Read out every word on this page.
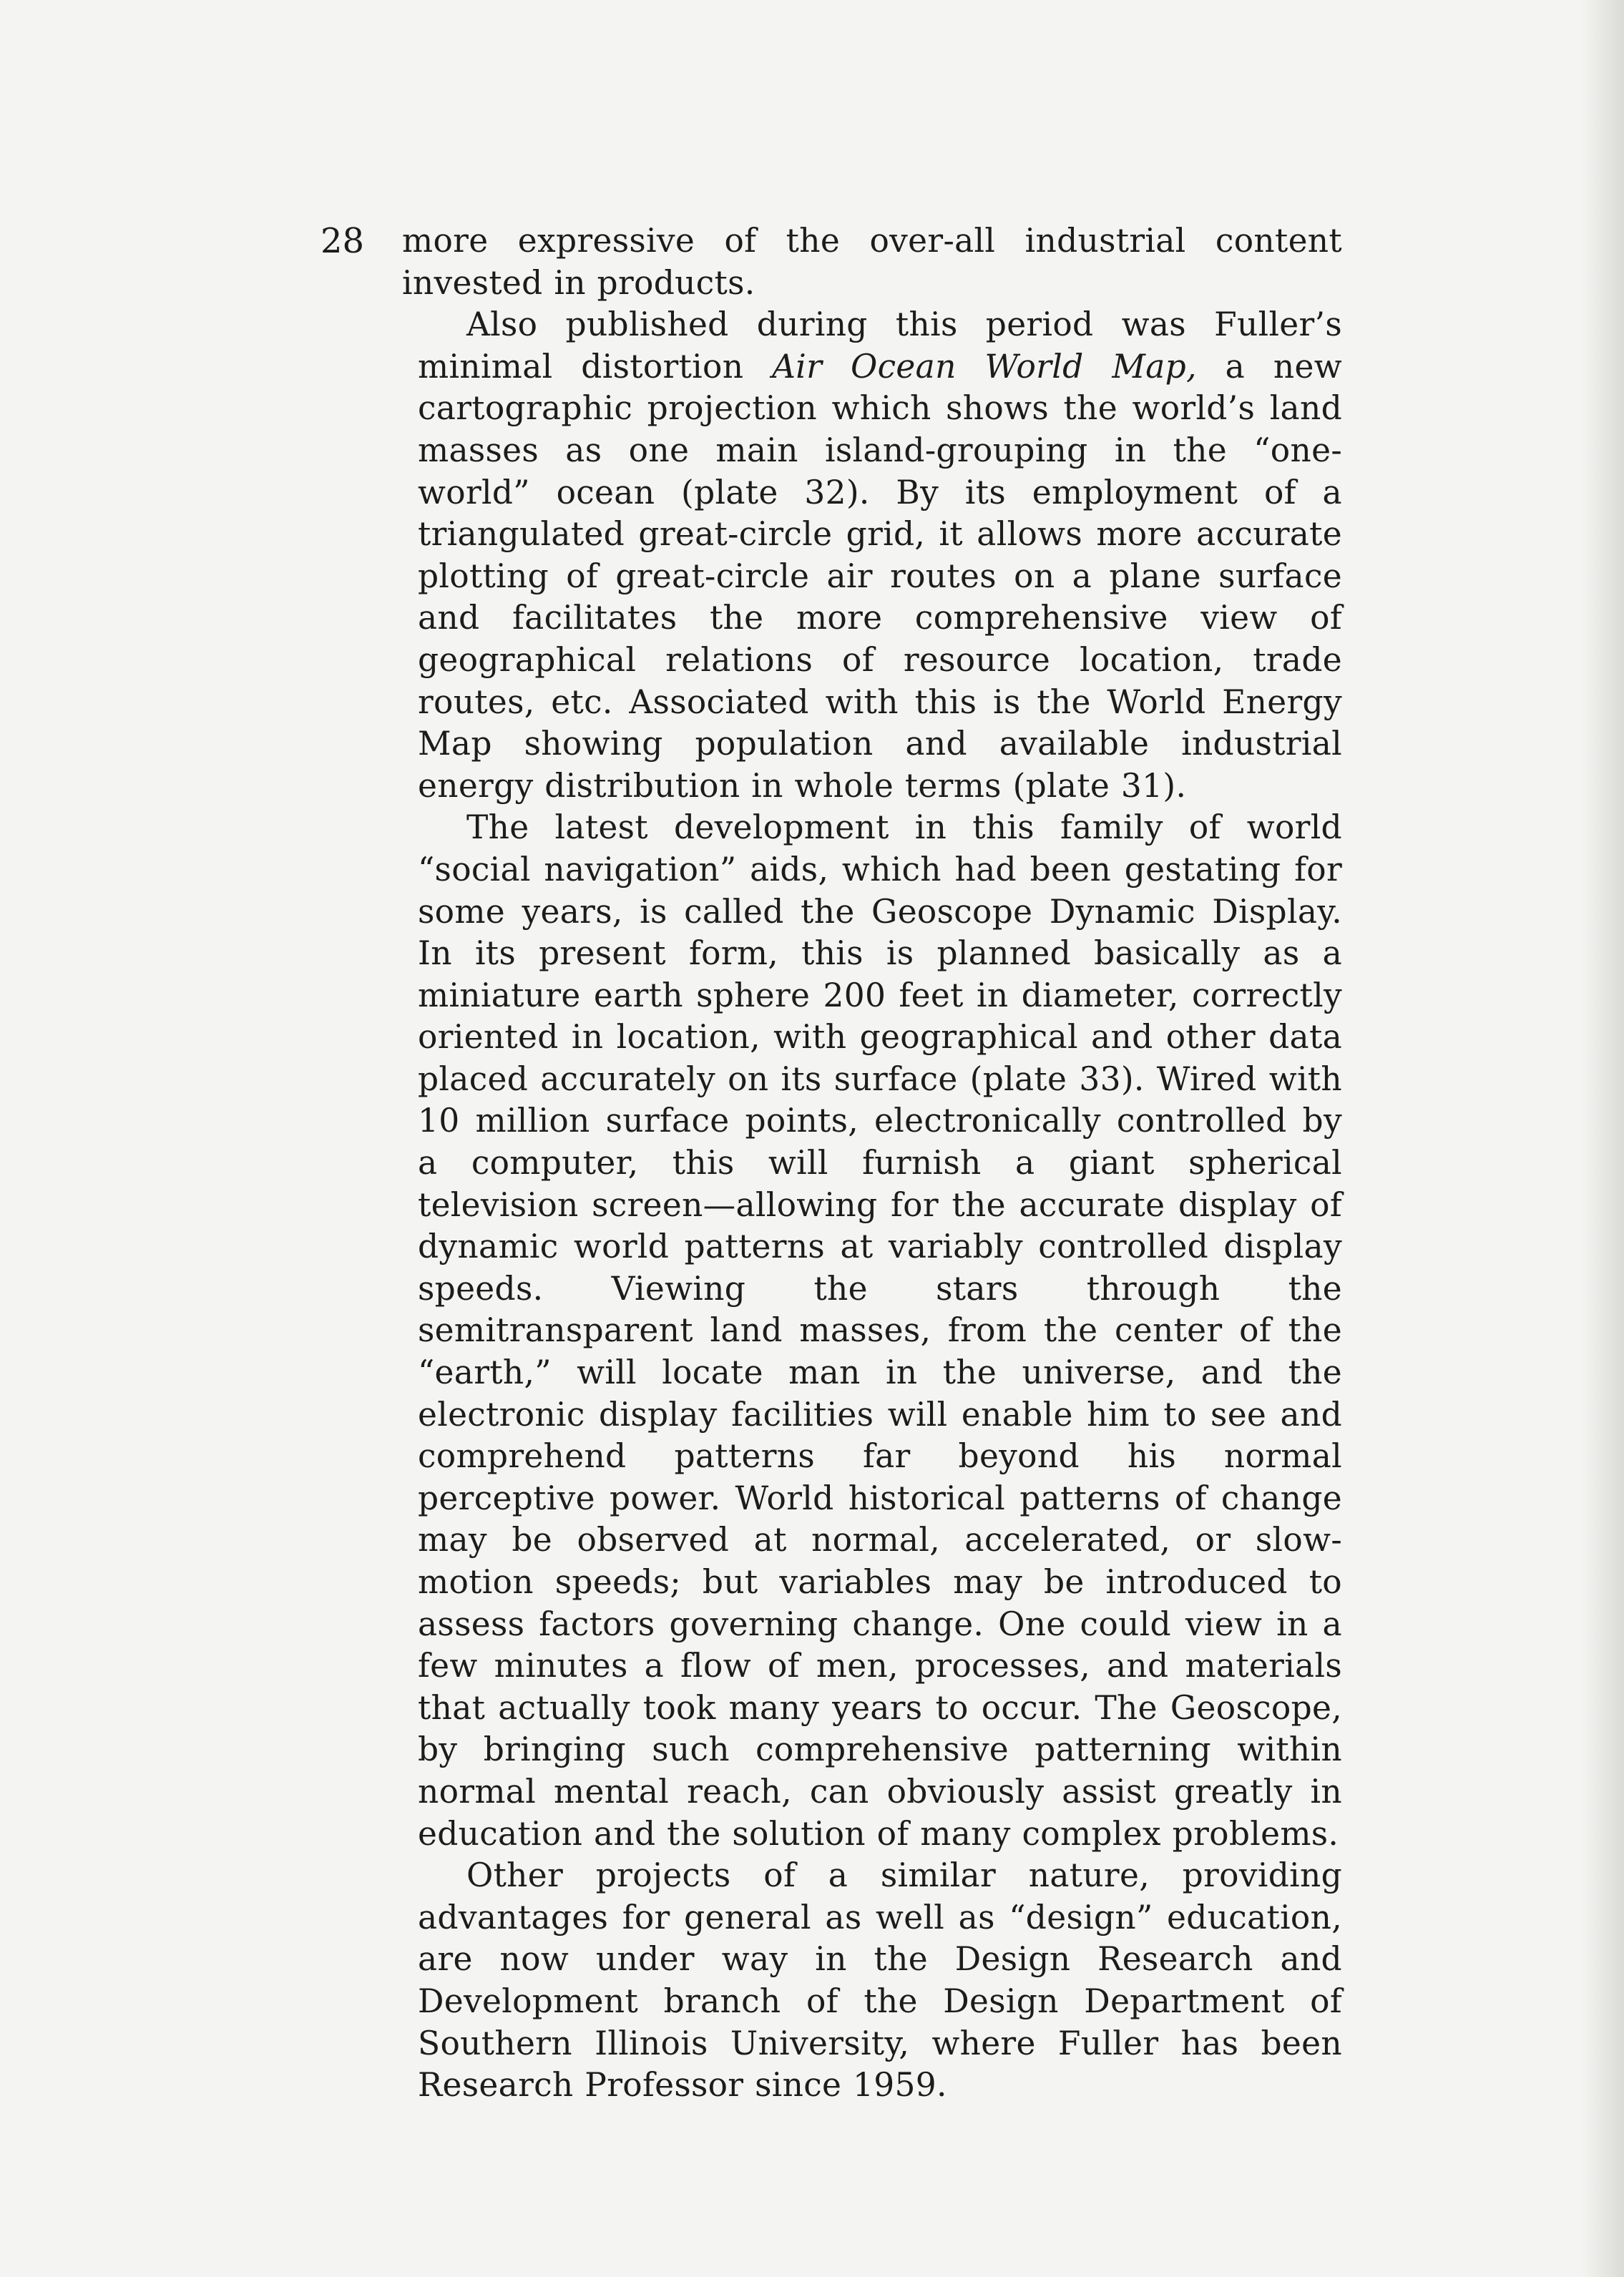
28 more expressive of the over-all industrial content invested in products.

Also published during this period was Fuller’s minimal distortion Air Ocean World Map, a new cartographic projection which shows the world’s land masses as one main island-grouping in the “one-world” ocean (plate 32). By its employment of a triangulated great-circle grid, it allows more accurate plotting of great-circle air routes on a plane surface and facilitates the more comprehensive view of geographical relations of resource location, trade routes, etc. Associated with this is the World Energy Map showing population and available industrial energy distribution in whole terms (plate 31).

The latest development in this family of world “social navigation” aids, which had been gestating for some years, is called the Geoscope Dynamic Display. In its present form, this is planned basically as a miniature earth sphere 200 feet in diameter, correctly oriented in location, with geographical and other data placed accurately on its surface (plate 33). Wired with 10 million surface points, electronically controlled by a computer, this will furnish a giant spherical television screen—allowing for the accurate display of dynamic world patterns at variably controlled display speeds. Viewing the stars through the semitransparent land masses, from the center of the “earth,” will locate man in the universe, and the electronic display facilities will enable him to see and comprehend patterns far beyond his normal perceptive power. World historical patterns of change may be observed at normal, accelerated, or slow-motion speeds; but variables may be introduced to assess factors governing change. One could view in a few minutes a flow of men, processes, and materials that actually took many years to occur. The Geoscope, by bringing such comprehensive patterning within normal mental reach, can obviously assist greatly in education and the solution of many complex problems.

Other projects of a similar nature, providing advantages for general as well as “design” education, are now under way in the Design Research and Development branch of the Design Department of Southern Illinois University, where Fuller has been Research Professor since 1959.
